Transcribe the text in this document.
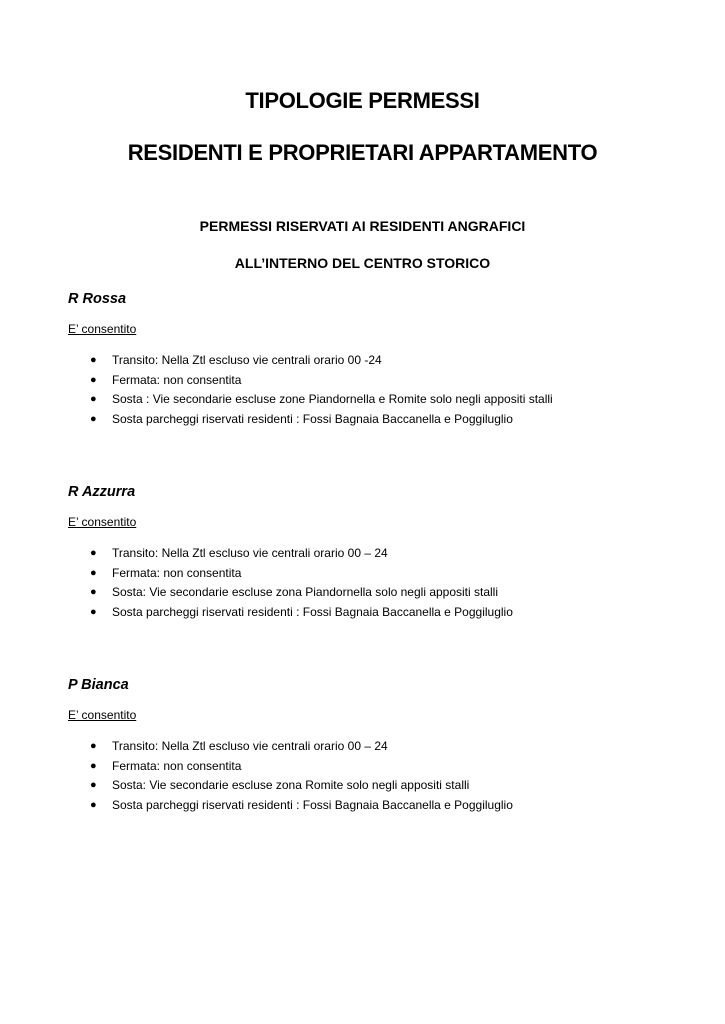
TIPOLOGIE PERMESSI
RESIDENTI E PROPRIETARI APPARTAMENTO
PERMESSI RISERVATI AI RESIDENTI ANGRAFICI
ALL’INTERNO DEL CENTRO STORICO
R Rossa
E’ consentito
● Transito: Nella Ztl escluso vie centrali orario 00 -24
● Fermata: non consentita
● Sosta : Vie secondarie escluse zone Piandornella e Romite solo negli appositi stalli
● Sosta parcheggi riservati residenti : Fossi Bagnaia Baccanella e Poggiluglio
R Azzurra
E’ consentito
● Transito: Nella Ztl escluso vie centrali orario 00 – 24
● Fermata: non consentita
● Sosta: Vie secondarie escluse zona Piandornella solo negli appositi stalli
● Sosta parcheggi riservati residenti : Fossi Bagnaia Baccanella e Poggiluglio
P Bianca
E’ consentito
● Transito: Nella Ztl escluso vie centrali orario 00 – 24
● Fermata: non consentita
● Sosta: Vie secondarie escluse zona Romite solo negli appositi stalli
● Sosta parcheggi riservati residenti : Fossi Bagnaia Baccanella e Poggiluglio
